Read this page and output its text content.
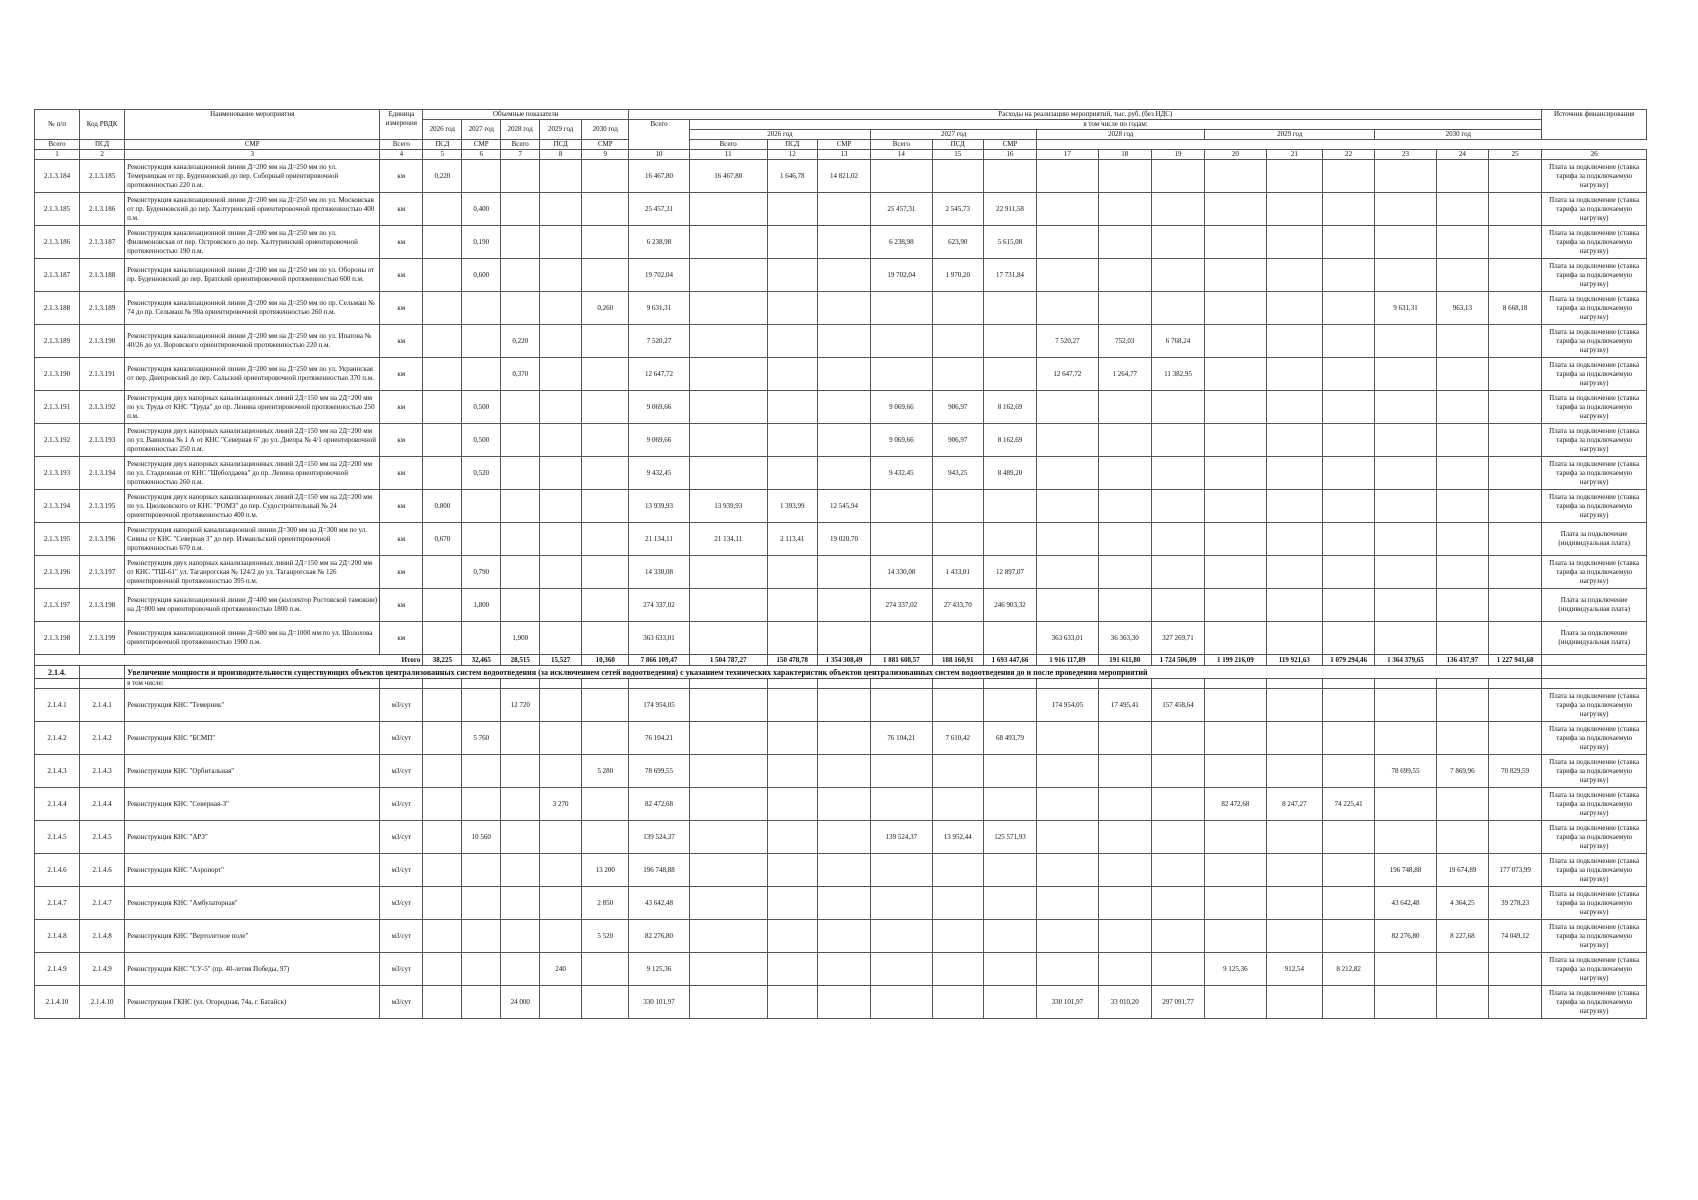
№ п/п	Код РВДК	Наименование мероприятия	Единица измерения	Объемные показатели					Расходы на реализацию мероприятий, тыс. руб. (без НДС)																Источник финансирования
				2026 год	2027 год	2028 год	2029 год	2030 год	Всего	в том числе по годам:															
										2026 год			2027 год			2028 год			2029 год			2030 год			
Всего	ПСД	СМР	Всего	ПСД	СМР	Всего	ПСД	СМР		Всего	ПСД	СМР	Всего	ПСД	СМР										
1	2	3	4	5	6	7	8	9	10	11	12	13	14	15	16	17	18	19	20	21	22	23	24	25	26
2.1.3.184	2.1.3.185	Реконструкция канализационной линии Д=200 мм на Д=250 мм по ул. Темерницкая от пр. Буденновский до пер. Соборный ориентировочной протяженностью 220 п.м.	км	0,220					16 467,80	16 467,80	1 646,78	14 821,02													Плата за подключение (ставка тарифа за подключаемую нагрузку)
2.1.3.185	2.1.3.186	Реконструкция канализационной линии Д=200 мм на Д=250 мм по ул. Московская от пр. Буденновский до пер. Халтуринский ориентировочной протяженностью 400 п.м.	км		0,400				25 457,31				25 457,31	2 545,73	22 911,58										Плата за подключение (ставка тарифа за подключаемую нагрузку)
2.1.3.186	2.1.3.187	Реконструкция канализационной линии Д=200 мм на Д=250 мм по ул. Филимоновская от пер. Островского до пер. Халтуринский ориентировочной протяженностью 190 п.м.	км		0,190				6 238,98				6 238,98	623,90	5 615,08										Плата за подключение (ставка тарифа за подключаемую нагрузку)
2.1.3.187	2.1.3.188	Реконструкция канализационной линии Д=200 мм на Д=250 мм по ул. Обороны от пр. Буденновский до пер. Братский ориентировочной протяженностью 600 п.м.	км		0,600				19 702,04				19 702,04	1 970,20	17 731,84										Плата за подключение (ставка тарифа за подключаемую нагрузку)
2.1.3.188	2.1.3.189	Реконструкция канализационной линии Д=200 мм на Д=250 мм по пр. Сельмаш № 74 до пр. Сельмаш № 90а ориентировочной протяженностью 260 п.м.	км					0,260	9 631,31													9 631,31	963,13	8 668,18	Плата за подключение (ставка тарифа за подключаемую нагрузку)
2.1.3.189	2.1.3.190	Реконструкция канализационной линии Д=200 мм на Д=250 мм по ул. Ипатова № 40/26 до ул. Воровского ориентировочной протяженностью 220 п.м.	км			0,220			7 520,27							7 520,27	752,03	6 768,24							Плата за подключение (ставка тарифа за подключаемую нагрузку)
2.1.3.190	2.1.3.191	Реконструкция канализационной линии Д=200 мм на Д=250 мм по ул. Украинская от пер. Днепровский до пер. Сальский ориентировочной протяженностью 370 п.м.	км			0,370			12 647,72							12 647,72	1 264,77	11 382,95							Плата за подключение (ставка тарифа за подключаемую нагрузку)
2.1.3.191	2.1.3.192	Реконструкция двух напорных канализационных линий 2Д=150 мм на 2Д=200 мм по ул. Труда от КНС "Труда" до пр. Ленина ориентировочной протяженностью 250 п.м.	км		0,500				9 069,66				9 069,66	906,97	8 162,69										Плата за подключение (ставка тарифа за подключаемую нагрузку)
2.1.3.192	2.1.3.193	Реконструкция двух напорных канализационных линий 2Д=150 мм на 2Д=200 мм по ул. Вавилова № 1 А от КНС "Северная 6" до ул. Днепра № 4/1 ориентировочной протяженностью 250 п.м.	км		0,500				9 069,66				9 069,66	906,97	8 162,69										Плата за подключение (ставка тарифа за подключаемую нагрузку)
2.1.3.193	2.1.3.194	Реконструкция двух напорных канализационных линий 2Д=150 мм на 2Д=200 мм по ул. Стадионная от КНС "Шеболдаева" до пр. Ленина ориентировочной протяженностью 260 п.м.	км		0,520				9 432,45				9 432,45	943,25	8 489,20										Плата за подключение (ставка тарифа за подключаемую нагрузку)
2.1.3.194	2.1.3.195	Реконструкция двух напорных канализационных линий 2Д=150 мм на 2Д=200 мм по ул. Циолковского от КНС "РОМЗ" до пер. Судостроительный № 24 ориентировочной протяженностью 400 п.м.	км	0,800					13 939,93	13 939,93	1 393,99	12 545,94													Плата за подключение (ставка тарифа за подключаемую нагрузку)
2.1.3.195	2.1.3.196	Реконструкция напорной канализационной линии Д=300 мм на Д=300 мм по ул. Сивны от КНС "Северная 3" до пер. Измаильский ориентировочной протяженностью 670 п.м.	км	0,670					21 134,11	21 134,11	2 113,41	19 020,70													Плата за подключение (индивидуальная плата)
2.1.3.196	2.1.3.197	Реконструкция двух напорных канализационных линий 2Д=150 мм на 2Д=200 мм от КНС "ТШ-61" ул. Таганрогская № 124/2 до ул. Таганрогская № 126 ориентировочной протяженностью 395 п.м.	км		0,790				14 330,08				14 330,08	1 433,01	12 897,07										Плата за подключение (ставка тарифа за подключаемую нагрузку)
2.1.3.197	2.1.3.198	Реконструкция канализационной линии Д=400 мм (коллектор Ростовской таможни) на Д=800 мм ориентировочной протяженностью 1800 п.м.	км		1,800				274 337,02				274 337,02	27 433,70	246 903,32										Плата за подключение (индивидуальная плата)
2.1.3.198	2.1.3.199	Реконструкция канализационной линии Д=600 мм на Д=1000 мм по ул. Шолохова ориентировочной протяженностью 1900 п.м.	км			1,900			363 633,01							363 633,01	36 363,30	327 269,71							Плата за подключение (индивидуальная плата)
Итого				38,225	32,465	28,515	15,527	10,360	7 866 109,47	1 504 787,27	150 478,78	1 354 308,49	1 881 608,57	188 160,91	1 693 447,66	1 916 117,89	191 611,80	1 724 506,09	1 199 216,09	119 921,63	1 079 294,46	1 364 379,65	136 437,97	1 227 941,68	
2.1.4.		Увеличение мощности и производительности существующих объектов централизованных систем водоотведения (за исключением сетей водоотведения) с указанием технических характеристик объектов централизованных систем водоотведения до и после проведения мероприятий																							
		в том числе:																							
2.1.4.1	2.1.4.1	Реконструкция КНС "Темерник"	м3/сут			12 720			174 954,05							174 954,05	17 495,41	157 458,64							Плата за подключение (ставка тарифа за подключаемую нагрузку)
2.1.4.2	2.1.4.2	Реконструкция КНС "БСМП"	м3/сут		5 760				76 104,21				76 104,21	7 610,42	68 493,79										Плата за подключение (ставка тарифа за подключаемую нагрузку)
2.1.4.3	2.1.4.3	Реконструкция КНС "Орбитальная"	м3/сут					5 280	78 699,55													78 699,55	7 869,96	70 829,59	Плата за подключение (ставка тарифа за подключаемую нагрузку)
2.1.4.4	2.1.4.4	Реконструкция КНС "Северная-3"	м3/сут				3 270		82 472,68										82 472,68	8 247,27	74 225,41				Плата за подключение (ставка тарифа за подключаемую нагрузку)
2.1.4.5	2.1.4.5	Реконструкция КНС "АРЗ"	м3/сут		10 560				139 524,37				139 524,37	13 952,44	125 571,93										Плата за подключение (ставка тарифа за подключаемую нагрузку)
2.1.4.6	2.1.4.6	Реконструкция КНС "Аэропорт"	м3/сут					13 200	196 748,88													196 748,88	19 674,89	177 073,99	Плата за подключение (ставка тарифа за подключаемую нагрузку)
2.1.4.7	2.1.4.7	Реконструкция КНС "Амбулаторная"	м3/сут					2 850	43 642,48													43 642,48	4 364,25	39 278,23	Плата за подключение (ставка тарифа за подключаемую нагрузку)
2.1.4.8	2.1.4.8	Реконструкция КНС "Вертолетное поле"	м3/сут					5 520	82 276,80													82 276,80	8 227,68	74 049,12	Плата за подключение (ставка тарифа за подключаемую нагрузку)
2.1.4.9	2.1.4.9	Реконструкция КНС "СУ-5" (пр. 40-летия Победы, 97)	м3/сут				240		9 125,36										9 125,36	912,54	8 212,82				Плата за подключение (ставка тарифа за подключаемую нагрузку)
2.1.4.10	2.1.4.10	Реконструкция ГКНС (ул. Огородная, 74а, г. Батайск)	м3/сут			24 000			330 101,97							330 101,97	33 010,20	297 091,77							Плата за подключение (ставка тарифа за подключаемую нагрузку)
